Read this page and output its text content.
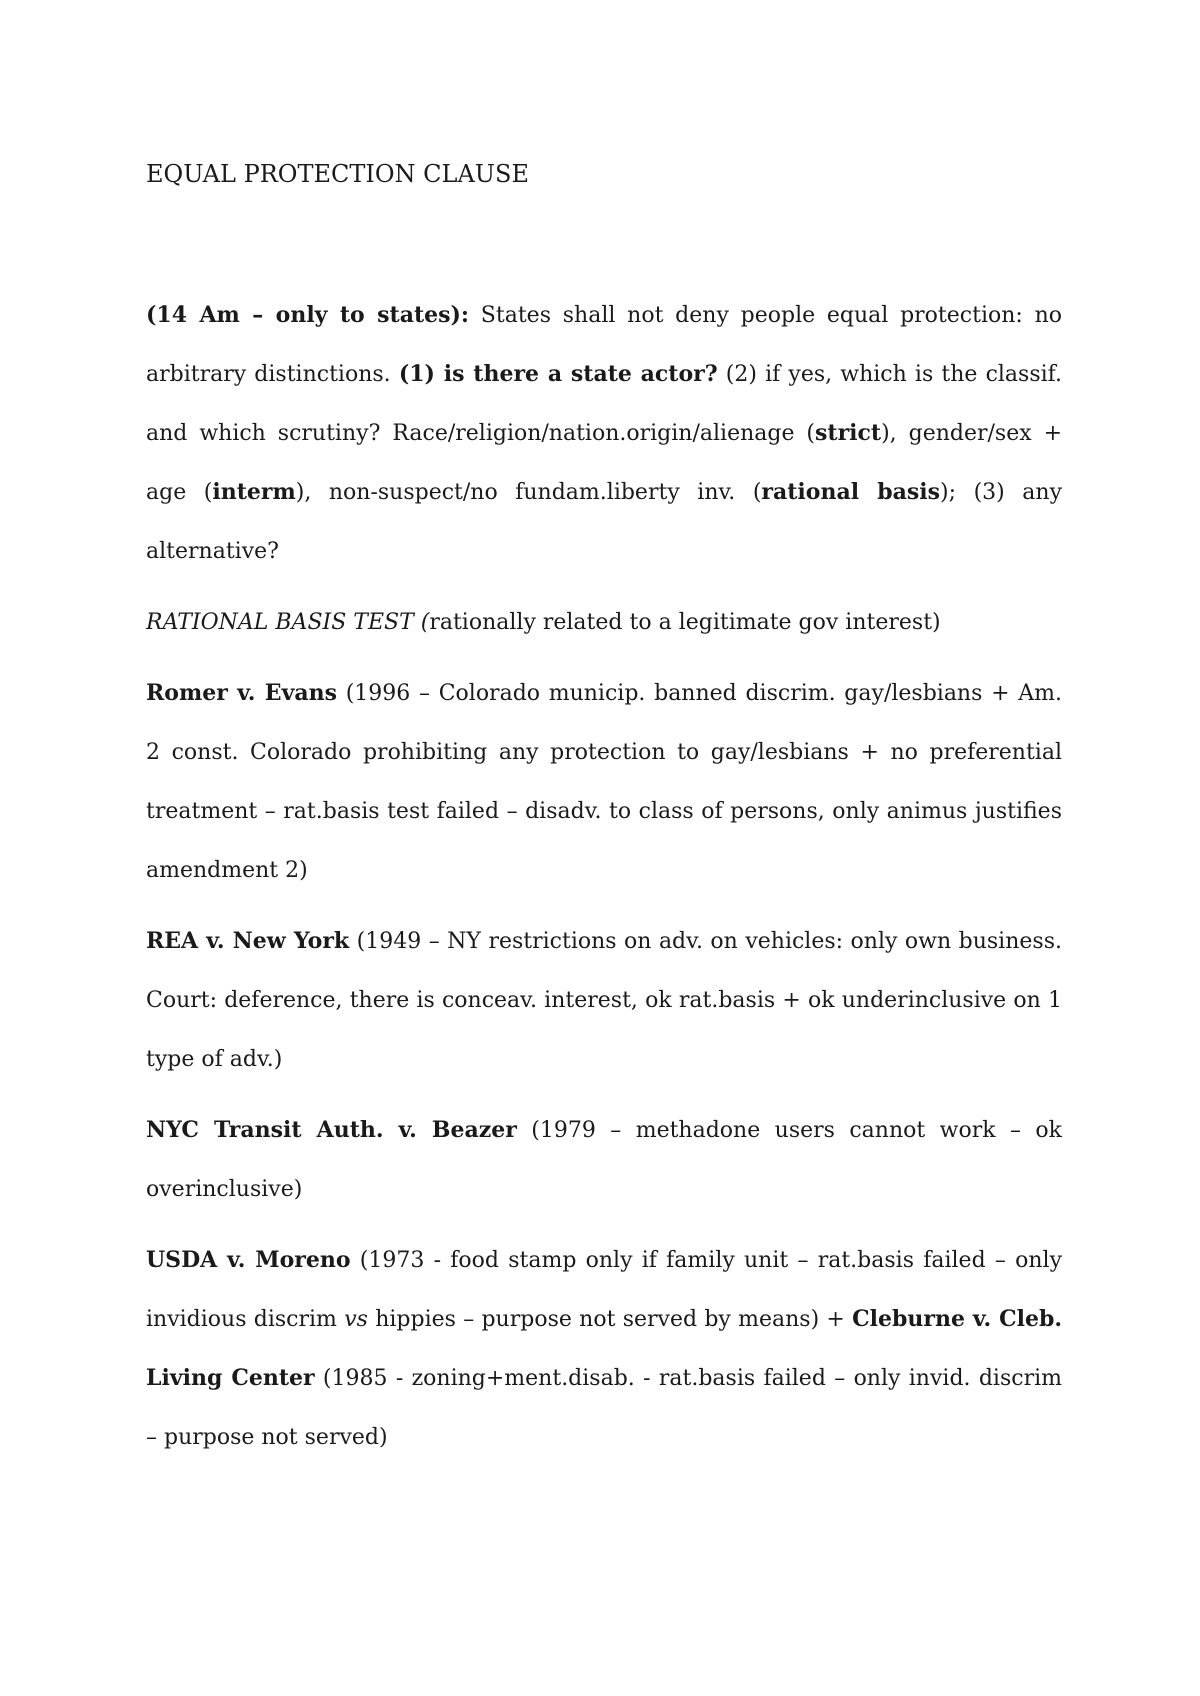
EQUAL PROTECTION CLAUSE

(14 Am – only to states): States shall not deny people equal protection: no arbitrary distinctions. (1) is there a state actor? (2) if yes, which is the classif. and which scrutiny? Race/religion/nation.origin/alienage (strict), gender/sex + age (interm), non-suspect/no fundam.liberty inv. (rational basis); (3) any alternative?

RATIONAL BASIS TEST (rationally related to a legitimate gov interest)

Romer v. Evans (1996 – Colorado municip. banned discrim. gay/lesbians + Am. 2 const. Colorado prohibiting any protection to gay/lesbians + no preferential treatment – rat.basis test failed – disadv. to class of persons, only animus justifies amendment 2)

REA v. New York (1949 – NY restrictions on adv. on vehicles: only own business. Court: deference, there is conceav. interest, ok rat.basis + ok underinclusive on 1 type of adv.)

NYC Transit Auth. v. Beazer (1979 – methadone users cannot work – ok overinclusive)

USDA v. Moreno (1973 - food stamp only if family unit – rat.basis failed – only invidious discrim vs hippies – purpose not served by means) + Cleburne v. Cleb. Living Center (1985 - zoning+ment.disab. - rat.basis failed – only invid. discrim – purpose not served)
